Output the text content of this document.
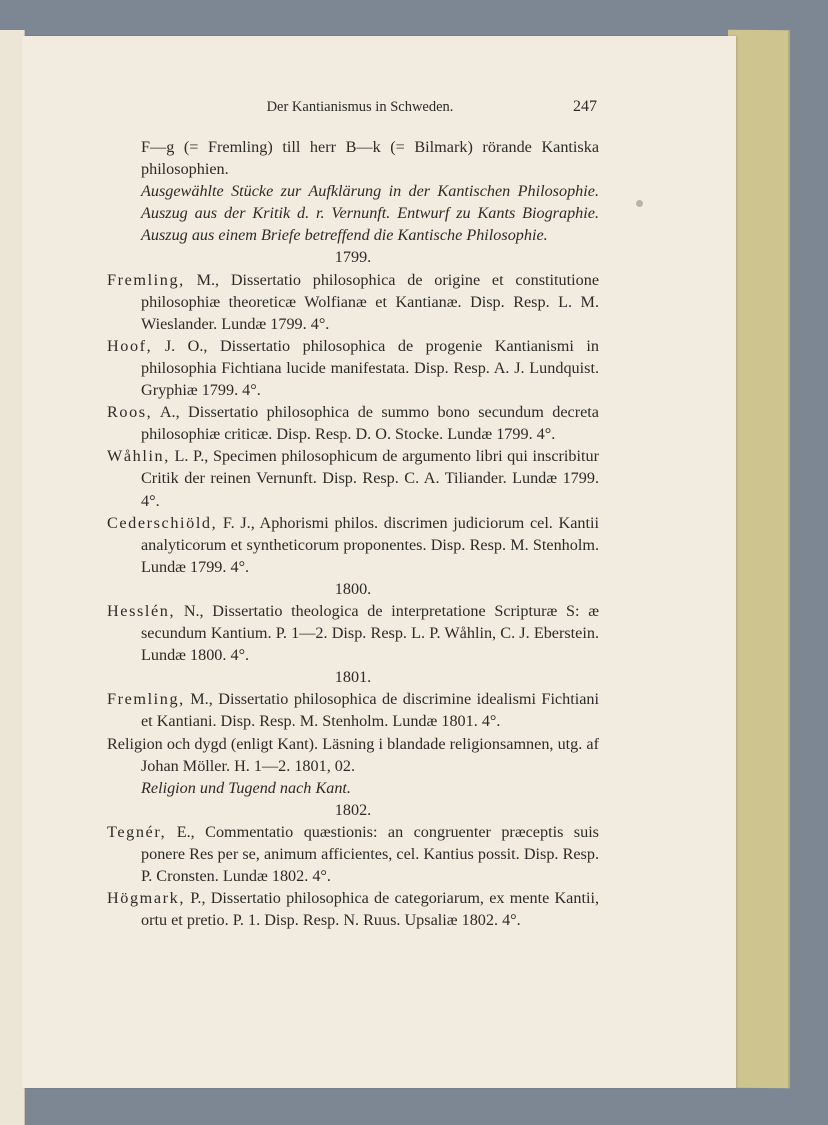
Der Kantianismus in Schweden.	247

F—g (= Fremling) till herr B—k (= Bilmark) rörande Kantiska philosophien.

Ausgewählte Stücke zur Aufklärung in der Kantischen Philosophie. Auszug aus der Kritik d. r. Vernunft. Entwurf zu Kants Biographie. Auszug aus einem Briefe betreffend die Kantische Philosophie.

1799.

Fremling, M., Dissertatio philosophica de origine et constitutione philosophiæ theoreticæ Wolfianæ et Kantianæ. Disp. Resp. L. M. Wieslander. Lundæ 1799. 4°.

Hoof, J. O., Dissertatio philosophica de progenie Kantianismi in philosophia Fichtiana lucide manifestata. Disp. Resp. A. J. Lundquist. Gryphiæ 1799. 4°.

Roos, A., Dissertatio philosophica de summo bono secundum decreta philosophiæ criticæ. Disp. Resp. D. O. Stocke. Lundæ 1799. 4°.

Wåhlin, L. P., Specimen philosophicum de argumento libri qui inscribitur Critik der reinen Vernunft. Disp. Resp. C. A. Tiliander. Lundæ 1799. 4°.

Cederschiöld, F. J., Aphorismi philos. discrimen judiciorum cel. Kantii analyticorum et syntheticorum proponentes. Disp. Resp. M. Stenholm. Lundæ 1799. 4°.

1800.

Hesslén, N., Dissertatio theologica de interpretatione Scripturæ S: æ secundum Kantium. P. 1—2. Disp. Resp. L. P. Wåhlin, C. J. Eberstein. Lundæ 1800. 4°.

1801.

Fremling, M., Dissertatio philosophica de discrimine idealismi Fichtiani et Kantiani. Disp. Resp. M. Stenholm. Lundæ 1801. 4°.

Religion och dygd (enligt Kant). Läsning i blandade religionsamnen, utg. af Johan Möller. H. 1—2. 1801, 02.

Religion und Tugend nach Kant.

1802.

Tegnér, E., Commentatio quæstionis: an congruenter præceptis suis ponere Res per se, animum afficientes, cel. Kantius possit. Disp. Resp. P. Cronsten. Lundæ 1802. 4°.

Högmark, P., Dissertatio philosophica de categoriarum, ex mente Kantii, ortu et pretio. P. 1. Disp. Resp. N. Ruus. Upsaliæ 1802. 4°.
